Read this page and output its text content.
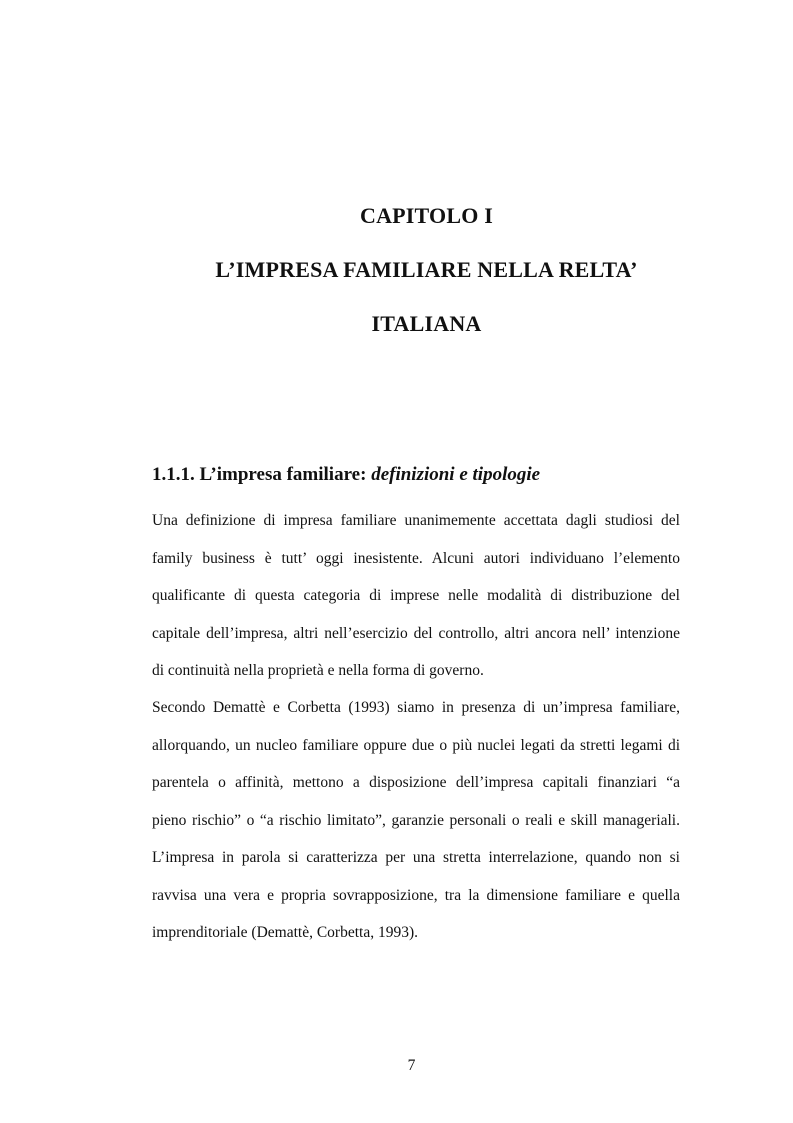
CAPITOLO I
L’IMPRESA FAMILIARE NELLA RELTA’
ITALIANA
1.1.1. L’impresa familiare: definizioni e tipologie
Una definizione di impresa familiare unanimemente accettata dagli studiosi del
family business è tutt’ oggi inesistente. Alcuni autori individuano l’elemento
qualificante di questa categoria di imprese nelle modalità di distribuzione del
capitale dell’impresa, altri nell’esercizio del controllo, altri ancora nell’ intenzione
di continuità nella proprietà e nella forma di governo.
Secondo Demattè e Corbetta (1993) siamo in presenza di un’impresa familiare,
allorquando, un nucleo familiare oppure due o più nuclei legati da stretti legami di
parentela o affinità, mettono a disposizione dell’impresa capitali finanziari “a
pieno rischio” o “a rischio limitato”, garanzie personali o reali e skill manageriali.
L’impresa in parola si caratterizza per una stretta interrelazione, quando non si
ravvisa una vera e propria sovrapposizione, tra la dimensione familiare e quella
imprenditoriale (Demattè, Corbetta, 1993).
7
